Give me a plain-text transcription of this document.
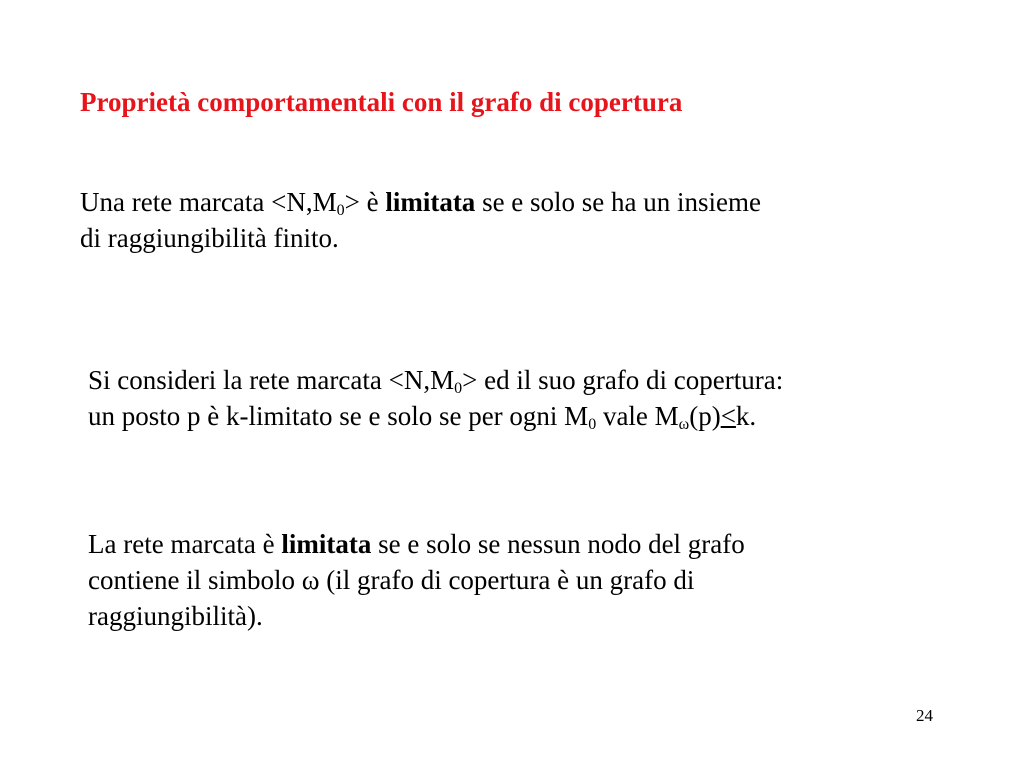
Proprietà comportamentali con il grafo di copertura
Una rete marcata $<N,M_0>$ è limitata se e solo se ha un insieme
di raggiungibilità finito.
Si consideri la rete marcata $<N,M_0>$ ed il suo grafo di copertura:
un posto p è k-limitato se e solo se per ogni $M_0$ vale $M_\omega(p)\le k$.
La rete marcata è limitata se e solo se nessun nodo del grafo
contiene il simbolo ω (il grafo di copertura è un grafo di
raggiungibilità).
24
